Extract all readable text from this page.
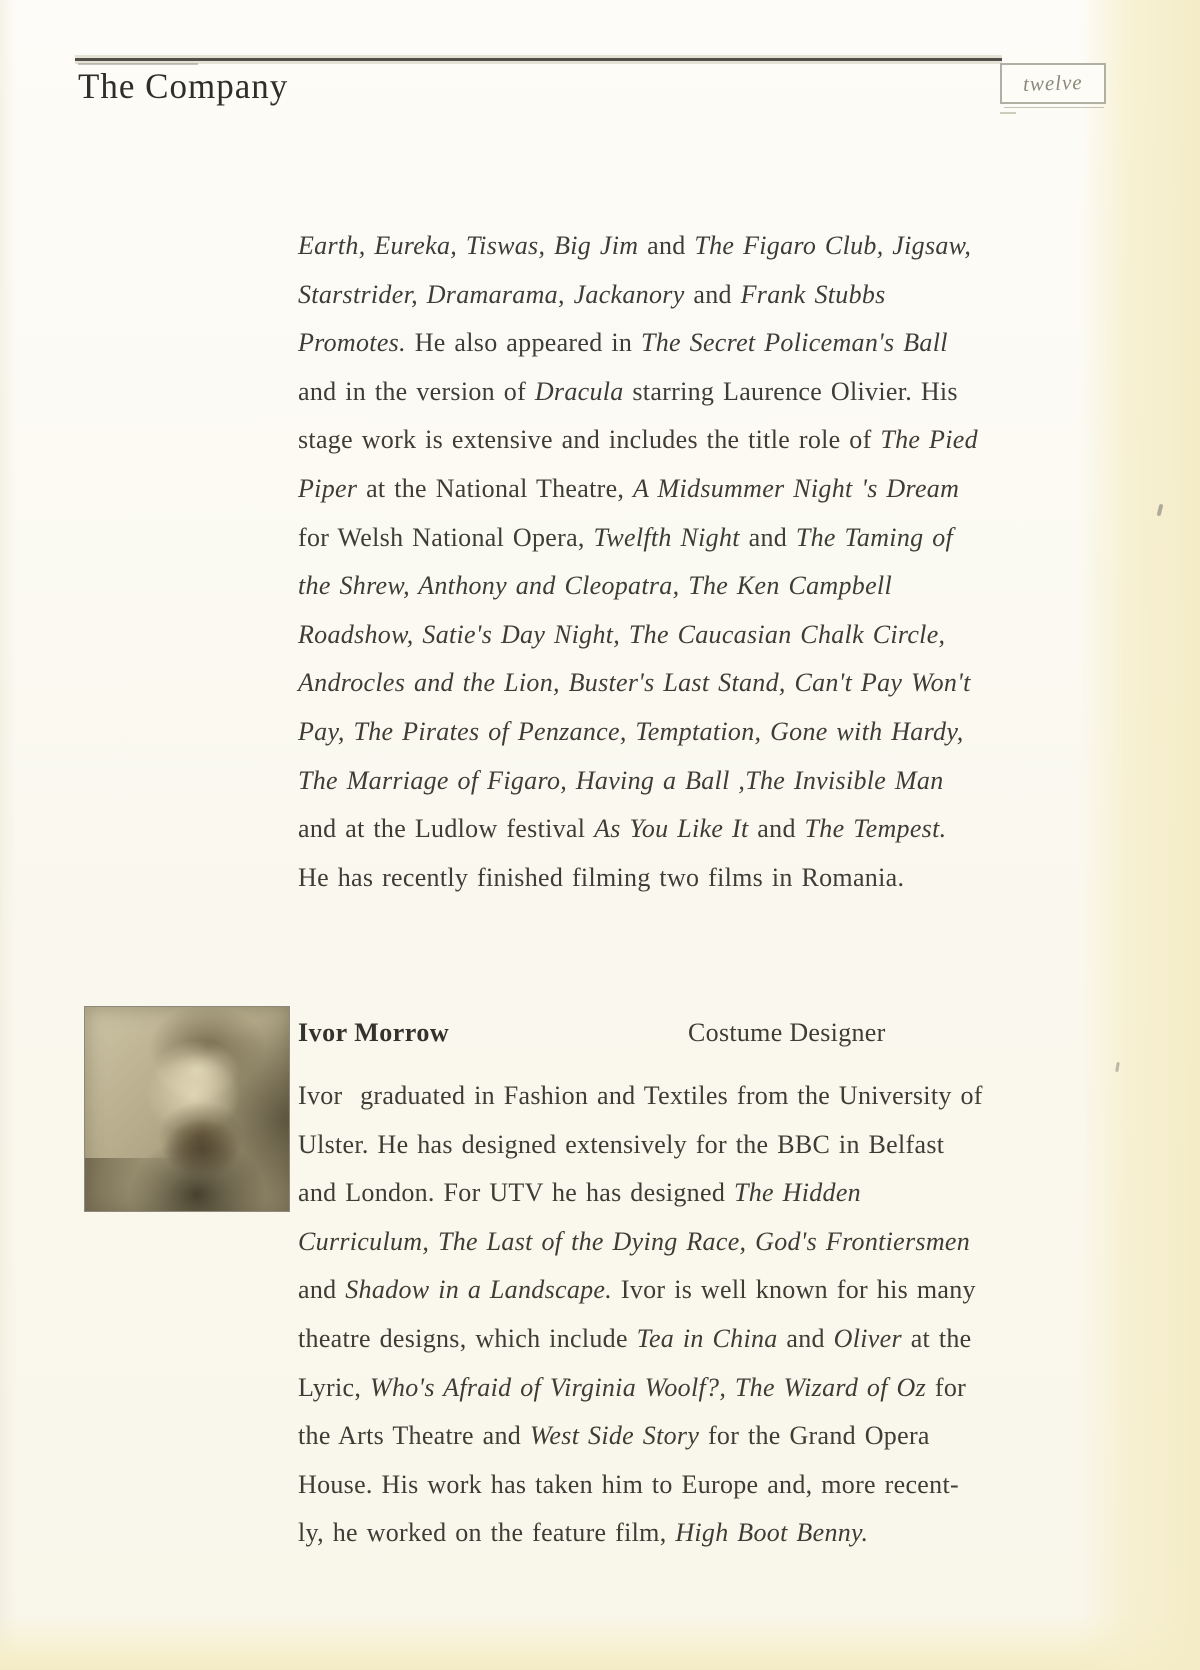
The Company	twelve
Earth, Eureka, Tiswas, Big Jim and The Figaro Club, Jigsaw,
Starstrider, Dramarama, Jackanory and Frank Stubbs
Promotes. He also appeared in The Secret Policeman's Ball
and in the version of Dracula starring Laurence Olivier. His
stage work is extensive and includes the title role of The Pied
Piper at the National Theatre, A Midsummer Night 's Dream
for Welsh National Opera, Twelfth Night and The Taming of
the Shrew, Anthony and Cleopatra, The Ken Campbell
Roadshow, Satie's Day Night, The Caucasian Chalk Circle,
Androcles and the Lion, Buster's Last Stand, Can't Pay Won't
Pay, The Pirates of Penzance, Temptation, Gone with Hardy,
The Marriage of Figaro, Having a Ball ,The Invisible Man
and at the Ludlow festival As You Like It and The Tempest.
He has recently finished filming two films in Romania.
Ivor Morrow	Costume Designer
Ivor  graduated in Fashion and Textiles from the University of
Ulster. He has designed extensively for the BBC in Belfast
and London. For UTV he has designed The Hidden
Curriculum, The Last of the Dying Race, God's Frontiersmen
and Shadow in a Landscape. Ivor is well known for his many
theatre designs, which include Tea in China and Oliver at the
Lyric, Who's Afraid of Virginia Woolf?, The Wizard of Oz for
the Arts Theatre and West Side Story for the Grand Opera
House. His work has taken him to Europe and, more recent-
ly, he worked on the feature film, High Boot Benny.
